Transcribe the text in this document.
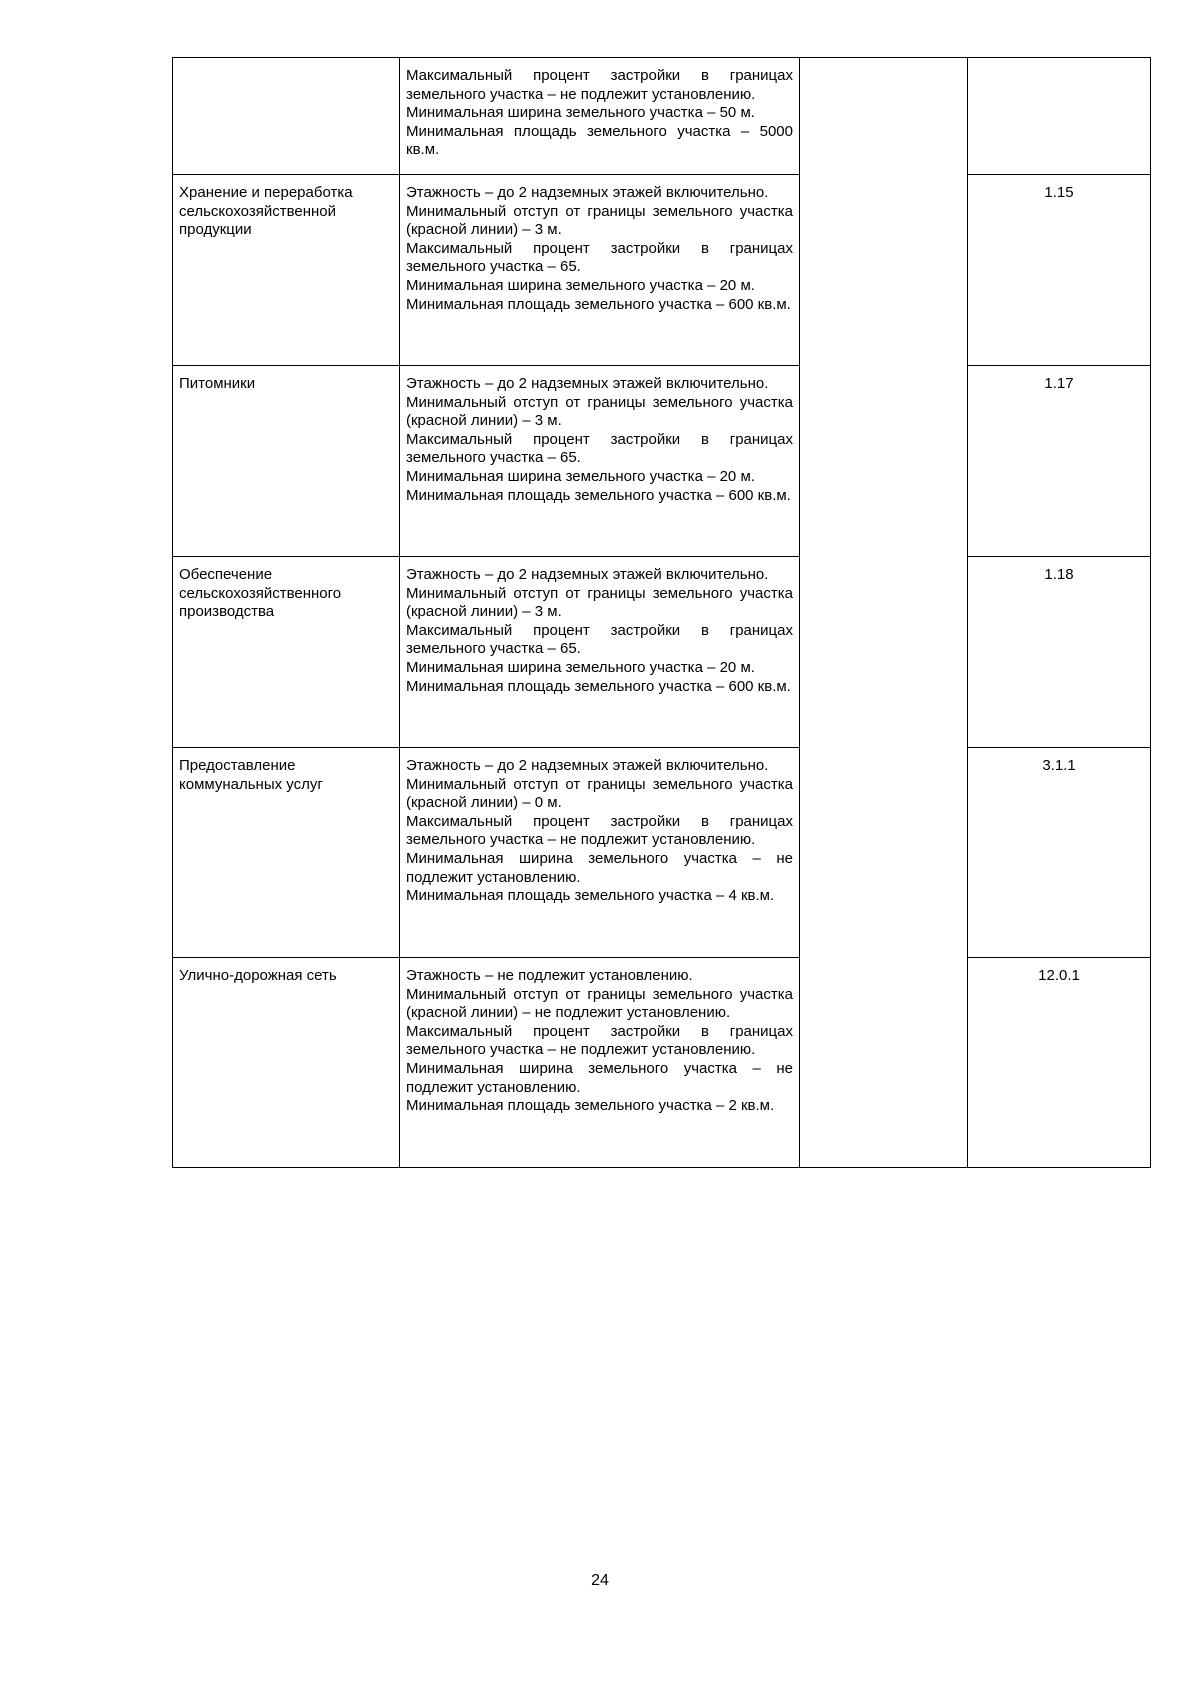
	Максимальный процент застройки в границах земельного участка – не подлежит установлению.
Минимальная ширина земельного участка – 50 м.
Минимальная площадь земельного участка – 5000 кв.м.		

Хранение и переработка сельскохозяйственной продукции	Этажность – до 2 надземных этажей включительно.
Минимальный отступ от границы земельного участка (красной линии) – 3 м.
Максимальный процент застройки в границах земельного участка – 65.
Минимальная ширина земельного участка – 20 м.
Минимальная площадь земельного участка – 600 кв.м.		1.15
Питомники	Этажность – до 2 надземных этажей включительно.
Минимальный отступ от границы земельного участка (красной линии) – 3 м.
Максимальный процент застройки в границах земельного участка – 65.
Минимальная ширина земельного участка – 20 м.
Минимальная площадь земельного участка – 600 кв.м.		1.17
Обеспечение сельскохозяйственного производства	Этажность – до 2 надземных этажей включительно.
Минимальный отступ от границы земельного участка (красной линии) – 3 м.
Максимальный процент застройки в границах земельного участка – 65.
Минимальная ширина земельного участка – 20 м.
Минимальная площадь земельного участка – 600 кв.м.		1.18
Предоставление коммунальных услуг	Этажность – до 2 надземных этажей включительно.
Минимальный отступ от границы земельного участка (красной линии) – 0 м.
Максимальный процент застройки в границах земельного участка – не подлежит установлению.
Минимальная ширина земельного участка – не подлежит установлению.
Минимальная площадь земельного участка – 4 кв.м.		3.1.1
Улично-дорожная сеть	Этажность – не подлежит установлению.
Минимальный отступ от границы земельного участка (красной линии) – не подлежит установлению.
Максимальный процент застройки в границах земельного участка – не подлежит установлению.
Минимальная ширина земельного участка – не подлежит установлению.
Минимальная площадь земельного участка – 2 кв.м.		12.0.1
24
